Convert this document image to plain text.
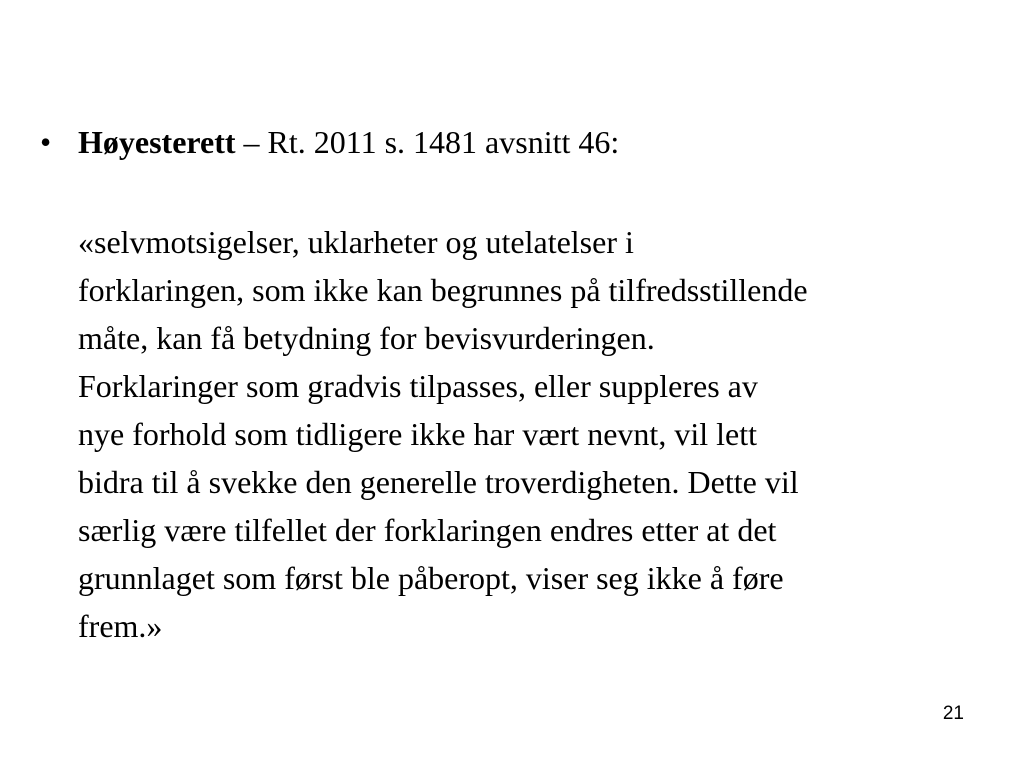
• Høyesterett – Rt. 2011 s. 1481 avsnitt 46:
«selvmotsigelser, uklarheter og utelatelser i
forklaringen, som ikke kan begrunnes på tilfredsstillende
måte, kan få betydning for bevisvurderingen.
Forklaringer som gradvis tilpasses, eller suppleres av
nye forhold som tidligere ikke har vært nevnt, vil lett
bidra til å svekke den generelle troverdigheten. Dette vil
særlig være tilfellet der forklaringen endres etter at det
grunnlaget som først ble påberopt, viser seg ikke å føre
frem.»
21
